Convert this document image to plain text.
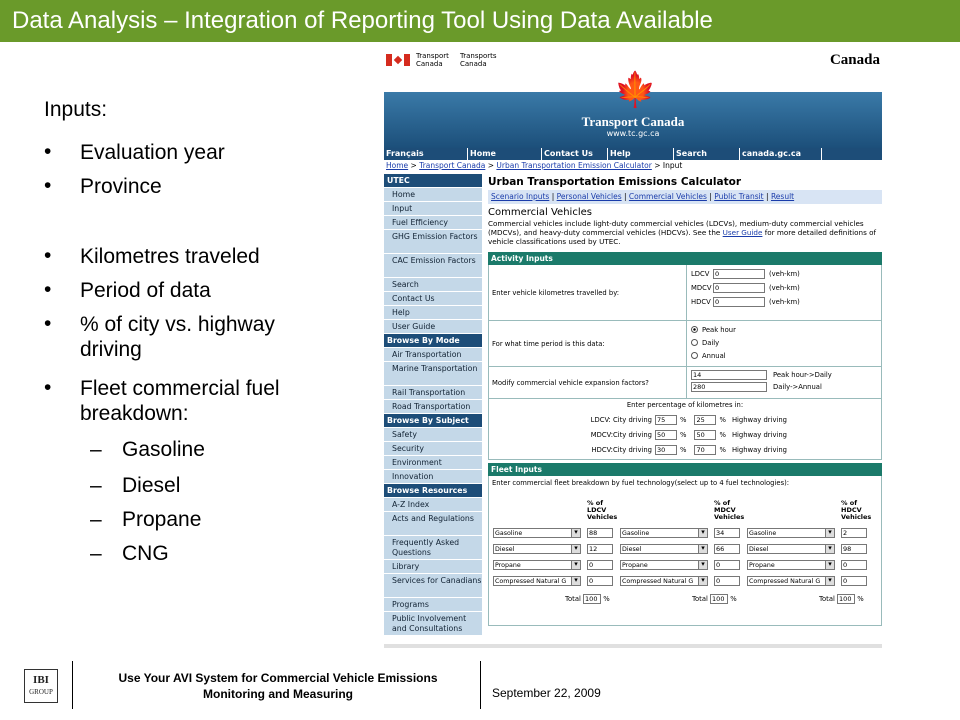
Data Analysis – Integration of Reporting Tool Using Data Available
Inputs:
•	Evaluation year
•	Province
•	Kilometres traveled
•	Period of data
•	% of city vs. highway driving
•	Fleet commercial fuel breakdown:
– Gasoline
– Diesel
– Propane
– CNG
Transport
Canada
Transports
Canada	Canada
🍁
Transport Canada
www.tc.gc.ca
Français	Home	Contact Us	Help	Search	canada.gc.ca
Home > Transport Canada > Urban Transportation Emission Calculator > Input
UTEC
Home
Input
Fuel Efficiency
GHG Emission Factors
CAC Emission Factors
Search
Contact Us
Help
User Guide
Browse By Mode
Air Transportation
Marine Transportation
Rail Transportation
Road Transportation
Browse By Subject
Safety
Security
Environment
Innovation
Browse Resources
A-Z Index
Acts and Regulations
Frequently Asked Questions
Library
Services for Canadians
Programs
Public Involvement and Consultations
Urban Transportation Emissions Calculator
Scenario Inputs | Personal Vehicles | Commercial Vehicles | Public Transit | Result
Commercial Vehicles
Commercial vehicles include light-duty commercial vehicles (LDCVs), medium-duty commercial vehicles (MDCVs), and heavy-duty commercial vehicles (HDCVs). See the User Guide for more detailed definitions of vehicle classifications used by UTEC.
Activity Inputs
Enter vehicle kilometres travelled by:
LDCV 0	(veh-km)
MDCV 0	(veh-km)
HDCV 0	(veh-km)
For what time period is this data:
Peak hour
Daily
Annual
Modify commercial vehicle expansion factors?
14	Peak hour->Daily
280	Daily->Annual
Enter percentage of kilometres in:
LDCV: City driving 75	%	25	% Highway driving
MDCV:City driving 50	%	50	% Highway driving
HDCV:City driving 30	%	70	% Highway driving
Fleet Inputs
Enter commercial fleet breakdown by fuel technology(select up to 4 fuel technologies):
% of LDCV Vehicles
% of MDCV Vehicles
% of HDCV Vehicles
Gasoline ▾	88	Gasoline ▾	34	Gasoline ▾	2
Diesel ▾	12	Diesel ▾	66	Diesel ▾	98
Propane ▾	0	Propane ▾	0	Propane ▾	0
Compressed Natural G ▾	0	Compressed Natural G ▾	0	Compressed Natural G ▾	0
Total 100 %	Total 100 %	Total 100 %
IBI
GROUP
Use Your AVI System for Commercial Vehicle Emissions
Monitoring and Measuring	September 22, 2009
